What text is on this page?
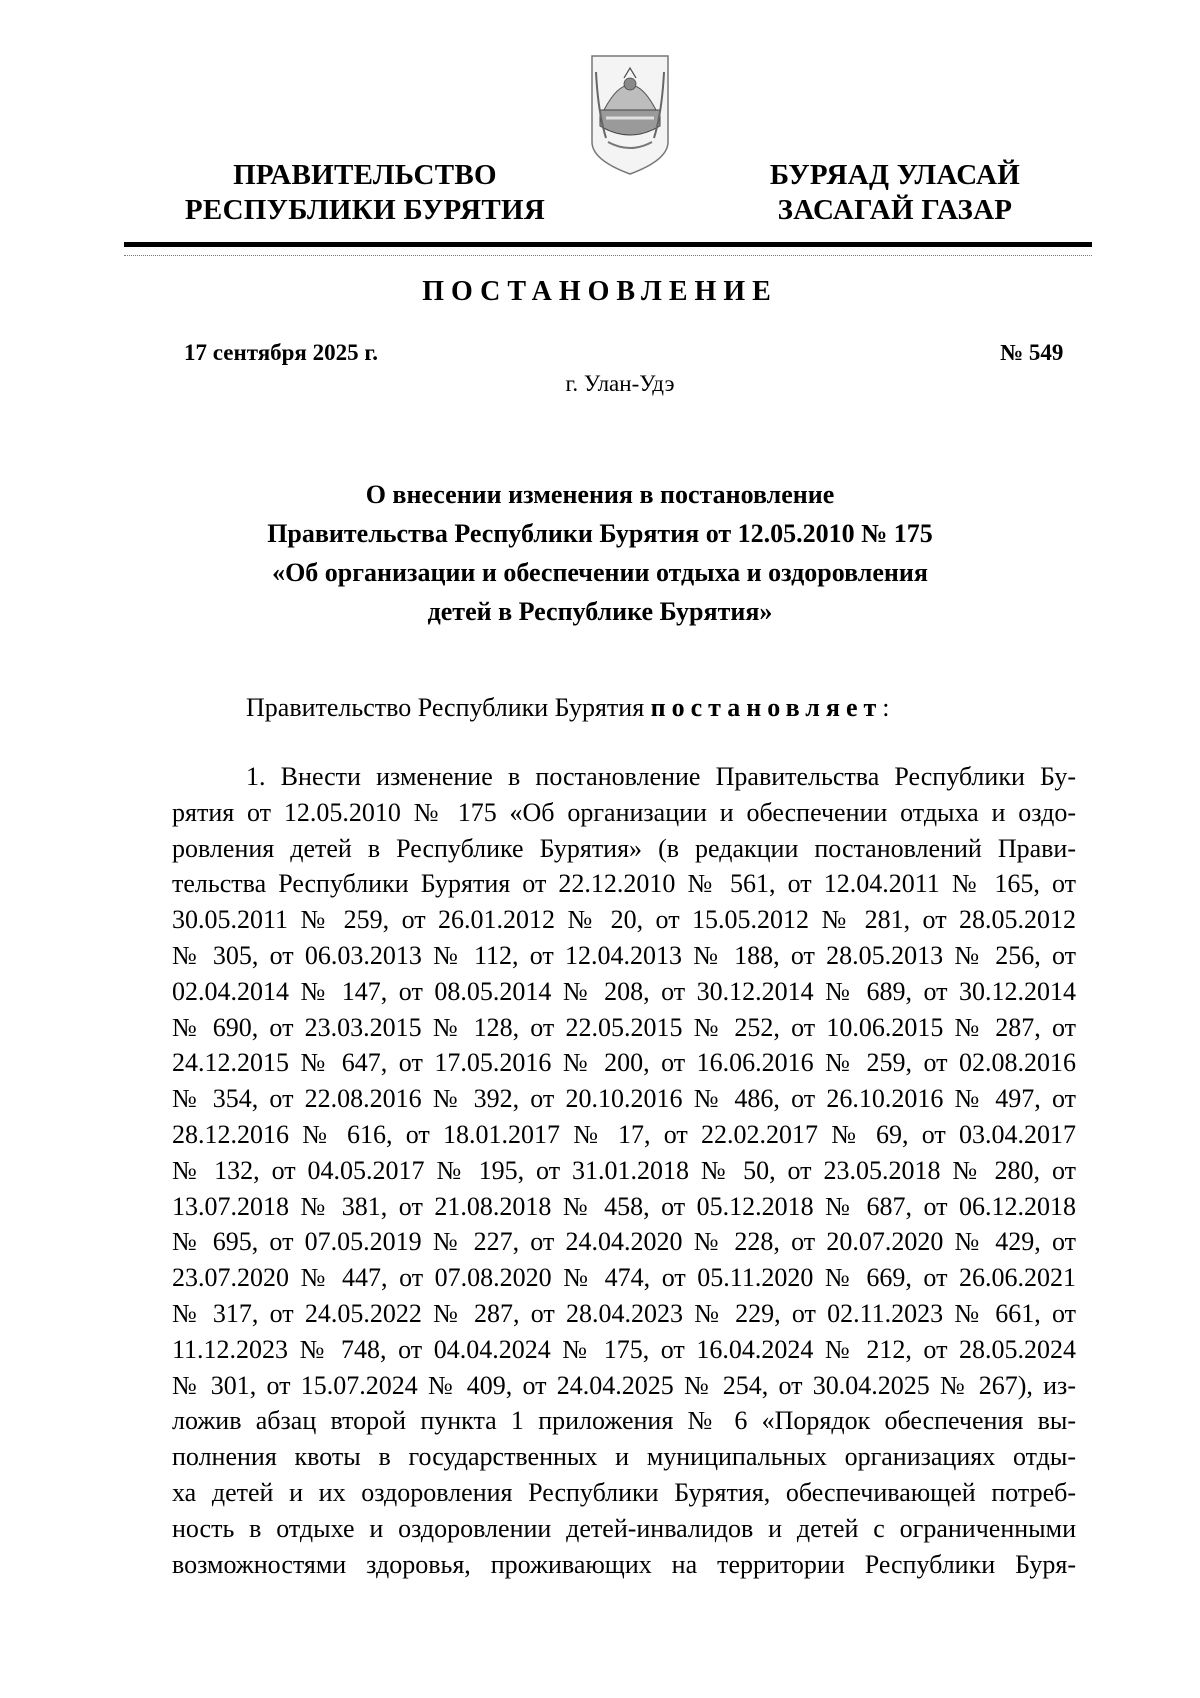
ПРАВИТЕЛЬСТВО
РЕСПУБЛИКИ БУРЯТИЯ
БУРЯАД УЛАСАЙ
ЗАСАГАЙ ГАЗАР
ПОСТАНОВЛЕНИЕ
17 сентября 2025 г.	№ 549
г. Улан-Удэ
О внесении изменения в постановление
Правительства Республики Бурятия от 12.05.2010 № 175
«Об организации и обеспечении отдыха и оздоровления
детей в Республике Бурятия»
Правительство Республики Бурятия постановляет:
1. Внести изменение в постановление Правительства Республики Бу-
рятия от 12.05.2010 № 175 «Об организации и обеспечении отдыха и оздо-
ровления детей в Республике Бурятия» (в редакции постановлений Прави-
тельства Республики Бурятия от 22.12.2010 № 561, от 12.04.2011 № 165, от
30.05.2011 № 259, от 26.01.2012 № 20, от 15.05.2012 № 281, от 28.05.2012
№ 305, от 06.03.2013 № 112, от 12.04.2013 № 188, от 28.05.2013 № 256, от
02.04.2014 № 147, от 08.05.2014 № 208, от 30.12.2014 № 689, от 30.12.2014
№ 690, от 23.03.2015 № 128, от 22.05.2015 № 252, от 10.06.2015 № 287, от
24.12.2015 № 647, от 17.05.2016 № 200, от 16.06.2016 № 259, от 02.08.2016
№ 354, от 22.08.2016 № 392, от 20.10.2016 № 486, от 26.10.2016 № 497, от
28.12.2016 № 616, от 18.01.2017 № 17, от 22.02.2017 № 69, от 03.04.2017
№ 132, от 04.05.2017 № 195, от 31.01.2018 № 50, от 23.05.2018 № 280, от
13.07.2018 № 381, от 21.08.2018 № 458, от 05.12.2018 № 687, от 06.12.2018
№ 695, от 07.05.2019 № 227, от 24.04.2020 № 228, от 20.07.2020 № 429, от
23.07.2020 № 447, от 07.08.2020 № 474, от 05.11.2020 № 669, от 26.06.2021
№ 317, от 24.05.2022 № 287, от 28.04.2023 № 229, от 02.11.2023 № 661, от
11.12.2023 № 748, от 04.04.2024 № 175, от 16.04.2024 № 212, от 28.05.2024
№ 301, от 15.07.2024 № 409, от 24.04.2025 № 254, от 30.04.2025 № 267), из-
ложив абзац второй пункта 1 приложения № 6 «Порядок обеспечения вы-
полнения квоты в государственных и муниципальных организациях отды-
ха детей и их оздоровления Республики Бурятия, обеспечивающей потреб-
ность в отдыхе и оздоровлении детей-инвалидов и детей с ограниченными
возможностями здоровья, проживающих на территории Республики Буря-
